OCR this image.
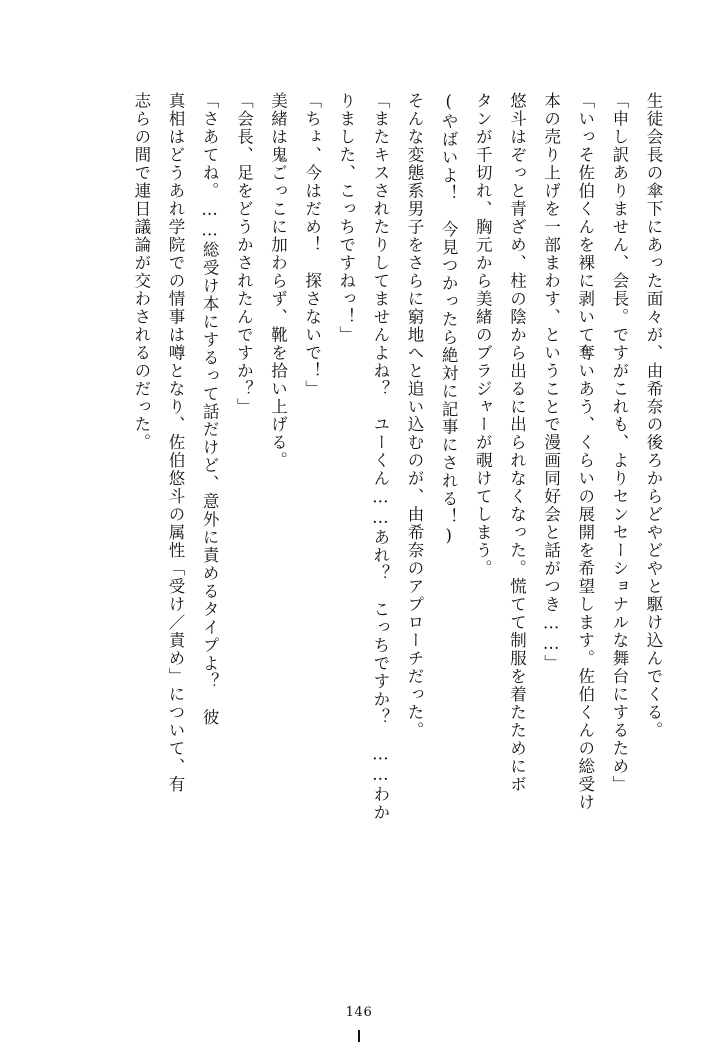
生徒会長の傘下にあった面々が、由希奈の後ろからどやどやと駆け込んでくる。

「申し訳ありません、会長。ですがこれも、よりセンセーショナルな舞台にするため」

「いっそ佐伯くんを裸に剥いて奪いあう、くらいの展開を希望します。佐伯くんの総受け

本の売り上げを一部まわす、ということで漫画同好会と話がつき……」

悠斗はぞっと青ざめ、柱の陰から出るに出られなくなった。慌てて制服を着たためにボ

タンが千切れ、胸元から美緒のブラジャーが覗けてしまう。

(やばいよ！　今見つかったら絶対に記事にされる！)

そんな変態系男子をさらに窮地へと追い込むのが、由希奈のアプローチだった。

「またキスされたりしてませんよね？　ユーくん……あれ？　こっちですか？　……わか

りました、こっちですねっ！」

「ちょ、今はだめ！　探さないで！」

美緒は鬼ごっこに加わらず、靴を拾い上げる。

「会長、足をどうかされたんですか？」

「さあてね。……総受け本にするって話だけど、意外に責めるタイプよ？　彼

真相はどうあれ学院での情事は噂となり、佐伯悠斗の属性「受け／責め」について、有

志らの間で連日議論が交わされるのだった。

146
